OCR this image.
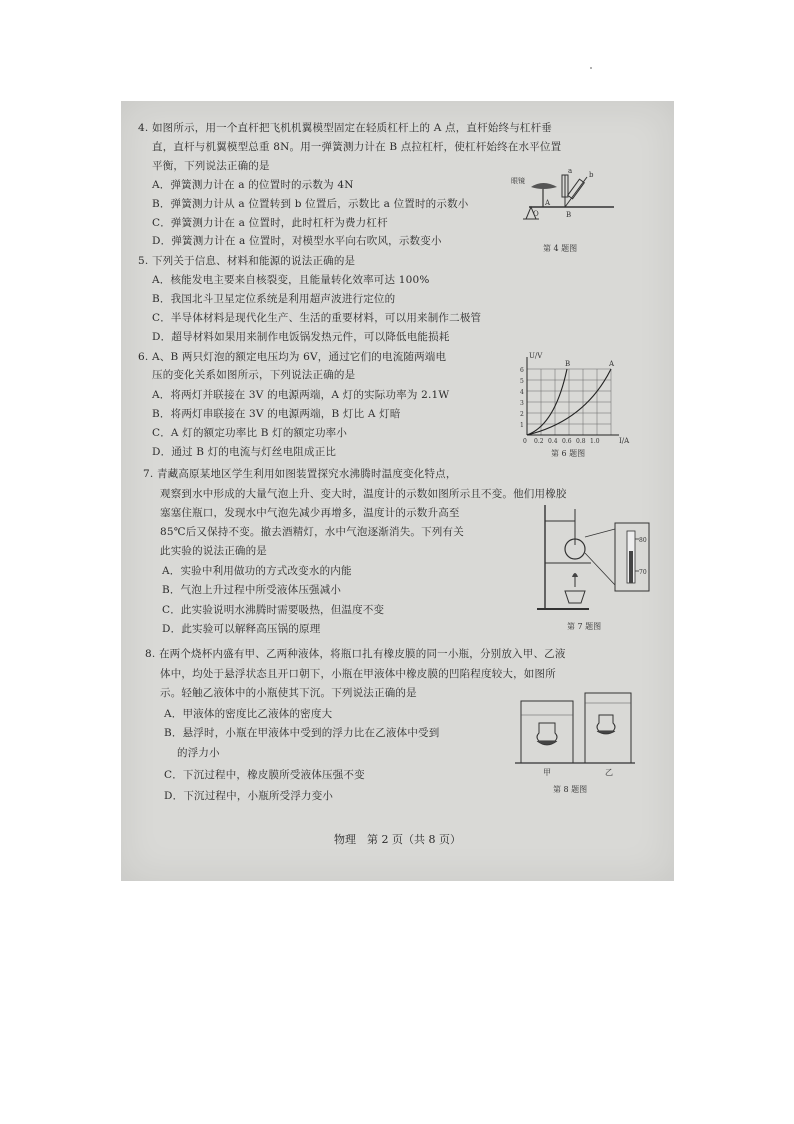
4. 如图所示，用一个直杆把飞机机翼模型固定在轻质杠杆上的 A 点，直杆始终与杠杆垂
直，直杆与机翼模型总重 8N。用一弹簧测力计在 B 点拉杠杆，使杠杆始终在水平位置
平衡，下列说法正确的是
A．弹簧测力计在 a 的位置时的示数为 4N
B．弹簧测力计从 a 位置转到 b 位置后，示数比 a 位置时的示数小
C．弹簧测力计在 a 位置时，此时杠杆为费力杠杆
D．弹簧测力计在 a 位置时，对模型水平向右吹风，示数变小
眼镜
O
A
B
a b
第 4 题图
5. 下列关于信息、材料和能源的说法正确的是
A．核能发电主要来自核裂变，且能量转化效率可达 100%
B．我国北斗卫星定位系统是利用超声波进行定位的
C．半导体材料是现代化生产、生活的重要材料，可以用来制作二极管
D．超导材料如果用来制作电饭锅发热元件，可以降低电能损耗
6. A、B 两只灯泡的额定电压均为 6V，通过它们的电流随两端电
压的变化关系如图所示，下列说法正确的是
A．将两灯并联接在 3V 的电源两端，A 灯的实际功率为 2.1W
B．将两灯串联接在 3V 的电源两端，B 灯比 A 灯暗
C．A 灯的额定功率比 B 灯的额定功率小
D．通过 B 灯的电流与灯丝电阻成正比
U/V
I/A
6
5
4
3
2
1
0 0.2 0.4 0.6 0.8 1.0
B	A
第 6 题图
7. 青藏高原某地区学生利用如图装置探究水沸腾时温度变化特点，
观察到水中形成的大量气泡上升、变大时，温度计的示数如图所示且不变。他们用橡胶
塞塞住瓶口，发现水中气泡先减少再增多，温度计的示数升高至
85℃后又保持不变。撤去酒精灯，水中气泡逐渐消失。下列有关
此实验的说法正确的是
A．实验中利用做功的方式改变水的内能
B．气泡上升过程中所受液体压强减小
C．此实验说明水沸腾时需要吸热，但温度不变
D．此实验可以解释高压锅的原理
80
70
第 7 题图
8. 在两个烧杯内盛有甲、乙两种液体，将瓶口扎有橡皮膜的同一小瓶，分别放入甲、乙液
体中，均处于悬浮状态且开口朝下，小瓶在甲液体中橡皮膜的凹陷程度较大，如图所
示。轻触乙液体中的小瓶使其下沉。下列说法正确的是
A．甲液体的密度比乙液体的密度大
B．悬浮时，小瓶在甲液体中受到的浮力比在乙液体中受到
的浮力小
C．下沉过程中，橡皮膜所受液体压强不变
D．下沉过程中，小瓶所受浮力变小
甲	乙
第 8 题图
物理　第 2 页（共 8 页）
